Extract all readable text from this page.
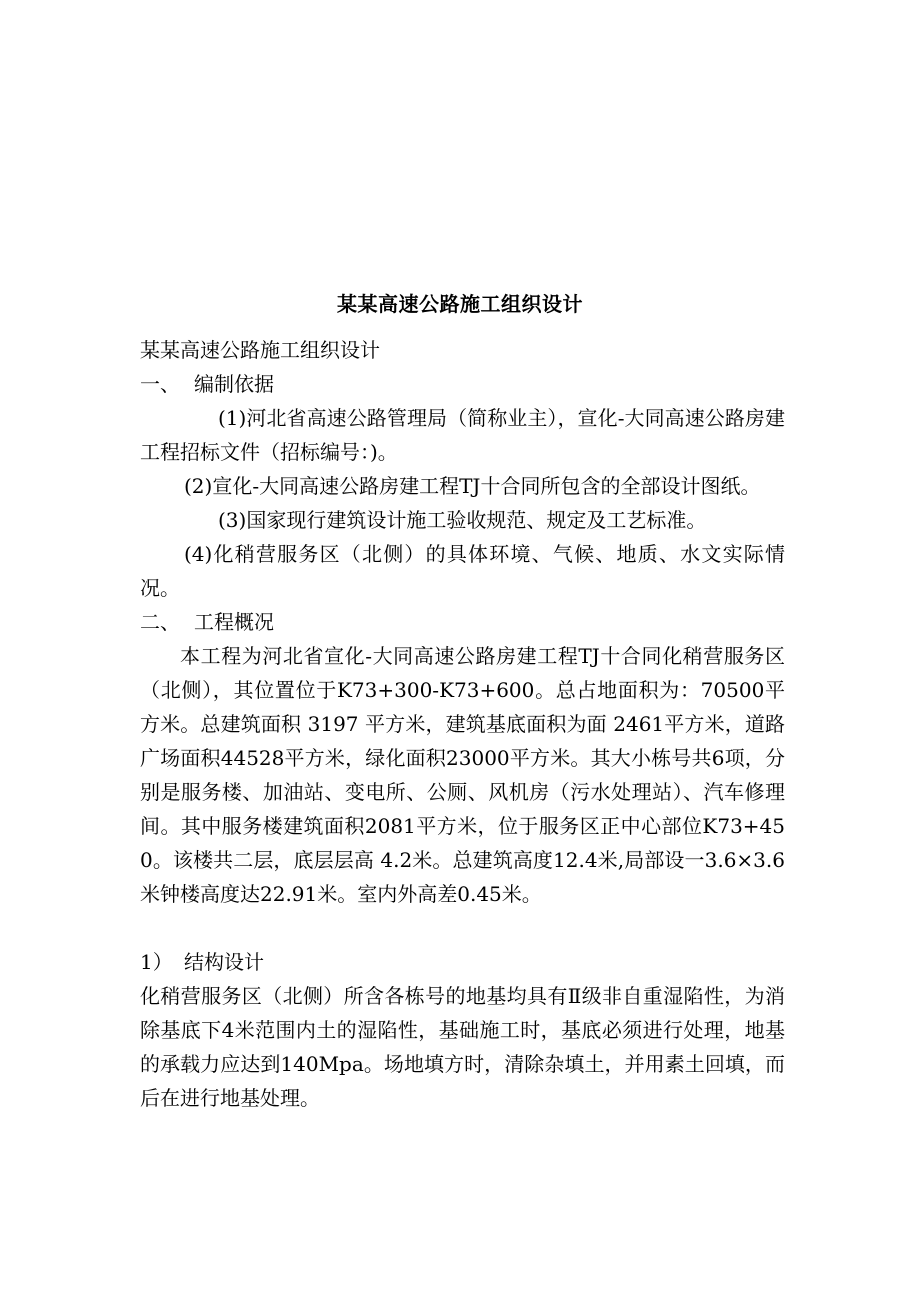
某某高速公路施工组织设计

某某高速公路施工组织设计

一、 编制依据

(1)河北省高速公路管理局（简称业主），宣化-大同高速公路房建工程招标文件（招标编号：)。

(2)宣化-大同高速公路房建工程TJ十合同所包含的全部设计图纸。

(3)国家现行建筑设计施工验收规范、规定及工艺标准。

(4)化稍营服务区（北侧）的具体环境、气候、地质、水文实际情况。

二、 工程概况

本工程为河北省宣化-大同高速公路房建工程TJ十合同化稍营服务区（北侧），其位置位于K73+300-K73+600。总占地面积为：70500平方米。总建筑面积 3197 平方米，建筑基底面积为面 2461平方米，道路广场面积44528平方米，绿化面积23000平方米。其大小栋号共6项，分别是服务楼、加油站、变电所、公厕、风机房（污水处理站）、汽车修理间。其中服务楼建筑面积2081平方米，位于服务区正中心部位K73+450。该楼共二层，底层层高 4.2米。总建筑高度12.4米,局部设一3.6×3.6米钟楼高度达22.91米。室内外高差0.45米。

1） 结构设计

化稍营服务区（北侧）所含各栋号的地基均具有Ⅱ级非自重湿陷性，为消除基底下4米范围内土的湿陷性，基础施工时，基底必须进行处理，地基的承载力应达到140Mpa。场地填方时，清除杂填土，并用素土回填，而后在进行地基处理。
